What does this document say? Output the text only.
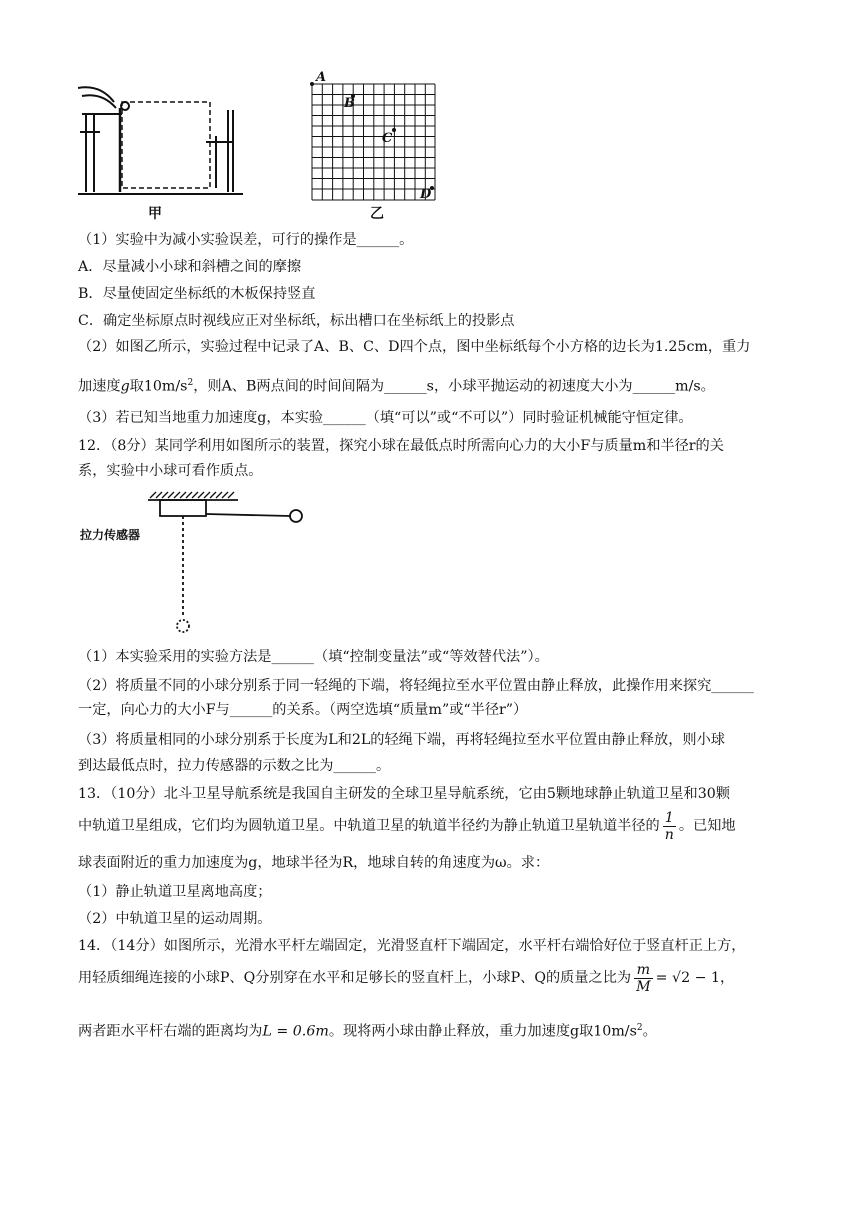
甲
A
B
C
D
乙
（1）实验中为减小实验误差，可行的操作是______。
A．尽量减小小球和斜槽之间的摩擦
B．尽量使固定坐标纸的木板保持竖直
C．确定坐标原点时视线应正对坐标纸，标出槽口在坐标纸上的投影点
（2）如图乙所示，实验过程中记录了A、B、C、D四个点，图中坐标纸每个小方格的边长为1.25cm，重力
加速度g取$10m/s^2$，则A、B两点间的时间间隔为______s，小球平抛运动的初速度大小为______m/s。
（3）若已知当地重力加速度g，本实验______（填“可以”或“不可以”）同时验证机械能守恒定律。
12．（8分）某同学利用如图所示的装置，探究小球在最低点时所需向心力的大小F与质量m和半径r的关
系，实验中小球可看作质点。
拉力传感器
（1）本实验采用的实验方法是______（填“控制变量法”或“等效替代法”）。
（2）将质量不同的小球分别系于同一轻绳的下端，将轻绳拉至水平位置由静止释放，此操作用来探究______
一定，向心力的大小F与______的关系。（两空选填“质量m”或“半径r”）
（3）将质量相同的小球分别系于长度为L和2L的轻绳下端，再将轻绳拉至水平位置由静止释放，则小球
到达最低点时，拉力传感器的示数之比为______。
13．（10分）北斗卫星导航系统是我国自主研发的全球卫星导航系统，它由5颗地球静止轨道卫星和30颗
中轨道卫星组成，它们均为圆轨道卫星。中轨道卫星的轨道半径约为静止轨道卫星轨道半径的 $\frac{1}{n}$ 。已知地
球表面附近的重力加速度为g，地球半径为R，地球自转的角速度为ω。求：
（1）静止轨道卫星离地高度；
（2）中轨道卫星的运动周期。
14．（14分）如图所示，光滑水平杆左端固定，光滑竖直杆下端固定，水平杆右端恰好位于竖直杆正上方，
用轻质细绳连接的小球P、Q分别穿在水平和足够长的竖直杆上，小球P、Q的质量之比为 $\frac{m}{M} = √2 - 1$，
两者距水平杆右端的距离均为L = 0.6m。现将两小球由静止释放，重力加速度g取$10m/s^2$。
